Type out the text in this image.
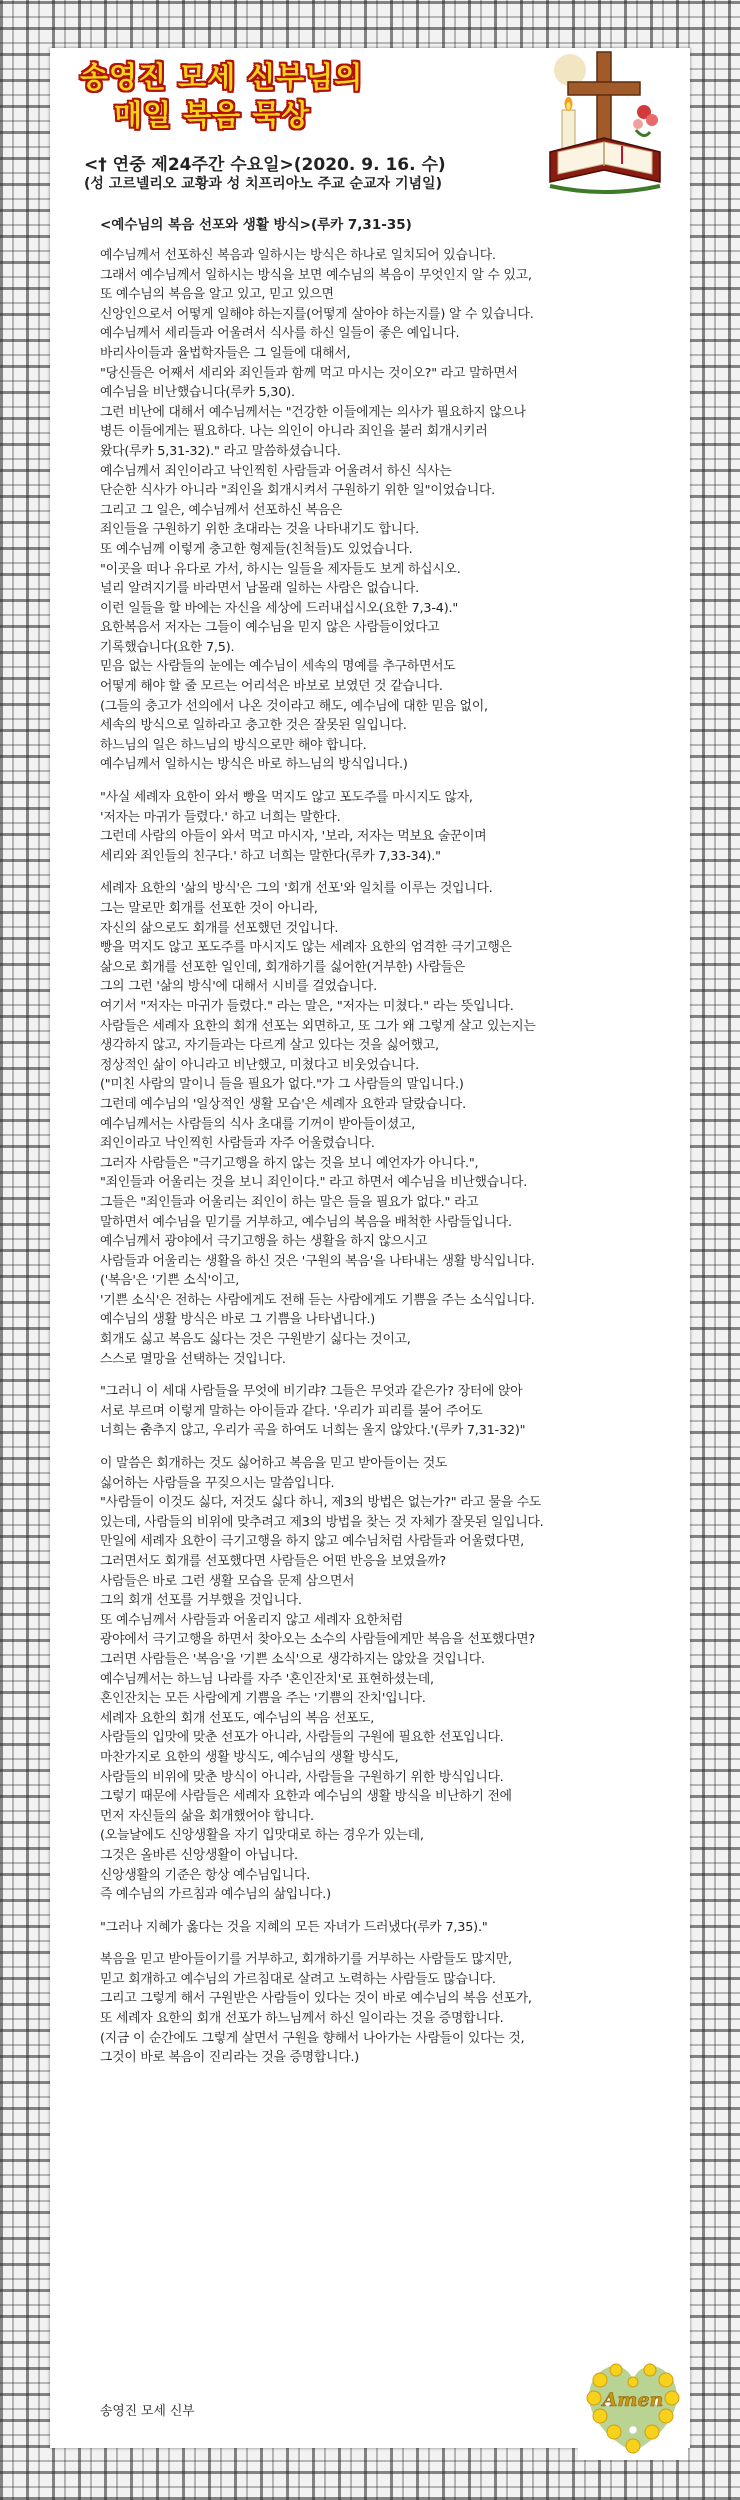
송영진 모세 신부님의
매일 복음 묵상
<† 연중 제24주간 수요일>(2020. 9. 16. 수)
(성 고르넬리오 교황과 성 치프리아노 주교 순교자 기념일)
<예수님의 복음 선포와 생활 방식>(루카 7,31-35)
예수님께서 선포하신 복음과 일하시는 방식은 하나로 일치되어 있습니다.
그래서 예수님께서 일하시는 방식을 보면 예수님의 복음이 무엇인지 알 수 있고,
또 예수님의 복음을 알고 있고, 믿고 있으면
신앙인으로서 어떻게 일해야 하는지를(어떻게 살아야 하는지를) 알 수 있습니다.
예수님께서 세리들과 어울려서 식사를 하신 일들이 좋은 예입니다.
바리사이들과 율법학자들은 그 일들에 대해서,
"당신들은 어째서 세리와 죄인들과 함께 먹고 마시는 것이오?" 라고 말하면서
예수님을 비난했습니다(루카 5,30).
그런 비난에 대해서 예수님께서는 "건강한 이들에게는 의사가 필요하지 않으나
병든 이들에게는 필요하다. 나는 의인이 아니라 죄인을 불러 회개시키러
왔다(루카 5,31-32)." 라고 말씀하셨습니다.
예수님께서 죄인이라고 낙인찍힌 사람들과 어울려서 하신 식사는
단순한 식사가 아니라 "죄인을 회개시켜서 구원하기 위한 일"이었습니다.
그리고 그 일은, 예수님께서 선포하신 복음은
죄인들을 구원하기 위한 초대라는 것을 나타내기도 합니다.
또 예수님께 이렇게 충고한 형제들(친척들)도 있었습니다.
"이곳을 떠나 유다로 가서, 하시는 일들을 제자들도 보게 하십시오.
널리 알려지기를 바라면서 남몰래 일하는 사람은 없습니다.
이런 일들을 할 바에는 자신을 세상에 드러내십시오(요한 7,3-4)."
요한복음서 저자는 그들이 예수님을 믿지 않은 사람들이었다고
기록했습니다(요한 7,5).
믿음 없는 사람들의 눈에는 예수님이 세속의 명예를 추구하면서도
어떻게 해야 할 줄 모르는 어리석은 바보로 보였던 것 같습니다.
(그들의 충고가 선의에서 나온 것이라고 해도, 예수님에 대한 믿음 없이,
세속의 방식으로 일하라고 충고한 것은 잘못된 일입니다.
하느님의 일은 하느님의 방식으로만 해야 합니다.
예수님께서 일하시는 방식은 바로 하느님의 방식입니다.)
"사실 세례자 요한이 와서 빵을 먹지도 않고 포도주를 마시지도 않자,
'저자는 마귀가 들렸다.' 하고 너희는 말한다.
그런데 사람의 아들이 와서 먹고 마시자, '보라, 저자는 먹보요 술꾼이며
세리와 죄인들의 친구다.' 하고 너희는 말한다(루카 7,33-34)."
세례자 요한의 '삶의 방식'은 그의 '회개 선포'와 일치를 이루는 것입니다.
그는 말로만 회개를 선포한 것이 아니라,
자신의 삶으로도 회개를 선포했던 것입니다.
빵을 먹지도 않고 포도주를 마시지도 않는 세례자 요한의 엄격한 극기고행은
삶으로 회개를 선포한 일인데, 회개하기를 싫어한(거부한) 사람들은
그의 그런 '삶의 방식'에 대해서 시비를 걸었습니다.
여기서 "저자는 마귀가 들렸다." 라는 말은, "저자는 미쳤다." 라는 뜻입니다.
사람들은 세례자 요한의 회개 선포는 외면하고, 또 그가 왜 그렇게 살고 있는지는
생각하지 않고, 자기들과는 다르게 살고 있다는 것을 싫어했고,
정상적인 삶이 아니라고 비난했고, 미쳤다고 비웃었습니다.
("미친 사람의 말이니 들을 필요가 없다."가 그 사람들의 말입니다.)
그런데 예수님의 '일상적인 생활 모습'은 세례자 요한과 달랐습니다.
예수님께서는 사람들의 식사 초대를 기꺼이 받아들이셨고,
죄인이라고 낙인찍힌 사람들과 자주 어울렸습니다.
그러자 사람들은 "극기고행을 하지 않는 것을 보니 예언자가 아니다.",
"죄인들과 어울리는 것을 보니 죄인이다." 라고 하면서 예수님을 비난했습니다.
그들은 "죄인들과 어울리는 죄인이 하는 말은 들을 필요가 없다." 라고
말하면서 예수님을 믿기를 거부하고, 예수님의 복음을 배척한 사람들입니다.
예수님께서 광야에서 극기고행을 하는 생활을 하지 않으시고
사람들과 어울리는 생활을 하신 것은 '구원의 복음'을 나타내는 생활 방식입니다.
('복음'은 '기쁜 소식'이고,
'기쁜 소식'은 전하는 사람에게도 전해 듣는 사람에게도 기쁨을 주는 소식입니다.
예수님의 생활 방식은 바로 그 기쁨을 나타냅니다.)
회개도 싫고 복음도 싫다는 것은 구원받기 싫다는 것이고,
스스로 멸망을 선택하는 것입니다.
"그러니 이 세대 사람들을 무엇에 비기랴? 그들은 무엇과 같은가? 장터에 앉아
서로 부르며 이렇게 말하는 아이들과 같다. '우리가 피리를 불어 주어도
너희는 춤추지 않고, 우리가 곡을 하여도 너희는 울지 않았다.'(루카 7,31-32)"
이 말씀은 회개하는 것도 싫어하고 복음을 믿고 받아들이는 것도
싫어하는 사람들을 꾸짖으시는 말씀입니다.
"사람들이 이것도 싫다, 저것도 싫다 하니, 제3의 방법은 없는가?" 라고 물을 수도
있는데, 사람들의 비위에 맞추려고 제3의 방법을 찾는 것 자체가 잘못된 일입니다.
만일에 세례자 요한이 극기고행을 하지 않고 예수님처럼 사람들과 어울렸다면,
그러면서도 회개를 선포했다면 사람들은 어떤 반응을 보였을까?
사람들은 바로 그런 생활 모습을 문제 삼으면서
그의 회개 선포를 거부했을 것입니다.
또 예수님께서 사람들과 어울리지 않고 세례자 요한처럼
광야에서 극기고행을 하면서 찾아오는 소수의 사람들에게만 복음을 선포했다면?
그러면 사람들은 '복음'을 '기쁜 소식'으로 생각하지는 않았을 것입니다.
예수님께서는 하느님 나라를 자주 '혼인잔치'로 표현하셨는데,
혼인잔치는 모든 사람에게 기쁨을 주는 '기쁨의 잔치'입니다.
세례자 요한의 회개 선포도, 예수님의 복음 선포도,
사람들의 입맛에 맞춘 선포가 아니라, 사람들의 구원에 필요한 선포입니다.
마찬가지로 요한의 생활 방식도, 예수님의 생활 방식도,
사람들의 비위에 맞춘 방식이 아니라, 사람들을 구원하기 위한 방식입니다.
그렇기 때문에 사람들은 세례자 요한과 예수님의 생활 방식을 비난하기 전에
먼저 자신들의 삶을 회개했어야 합니다.
(오늘날에도 신앙생활을 자기 입맛대로 하는 경우가 있는데,
그것은 올바른 신앙생활이 아닙니다.
신앙생활의 기준은 항상 예수님입니다.
즉 예수님의 가르침과 예수님의 삶입니다.)
"그러나 지혜가 옳다는 것을 지혜의 모든 자녀가 드러냈다(루카 7,35)."
복음을 믿고 받아들이기를 거부하고, 회개하기를 거부하는 사람들도 많지만,
믿고 회개하고 예수님의 가르침대로 살려고 노력하는 사람들도 많습니다.
그리고 그렇게 해서 구원받은 사람들이 있다는 것이 바로 예수님의 복음 선포가,
또 세례자 요한의 회개 선포가 하느님께서 하신 일이라는 것을 증명합니다.
(지금 이 순간에도 그렇게 살면서 구원을 향해서 나아가는 사람들이 있다는 것,
그것이 바로 복음이 진리라는 것을 증명합니다.)
송영진 모세 신부
Amen
